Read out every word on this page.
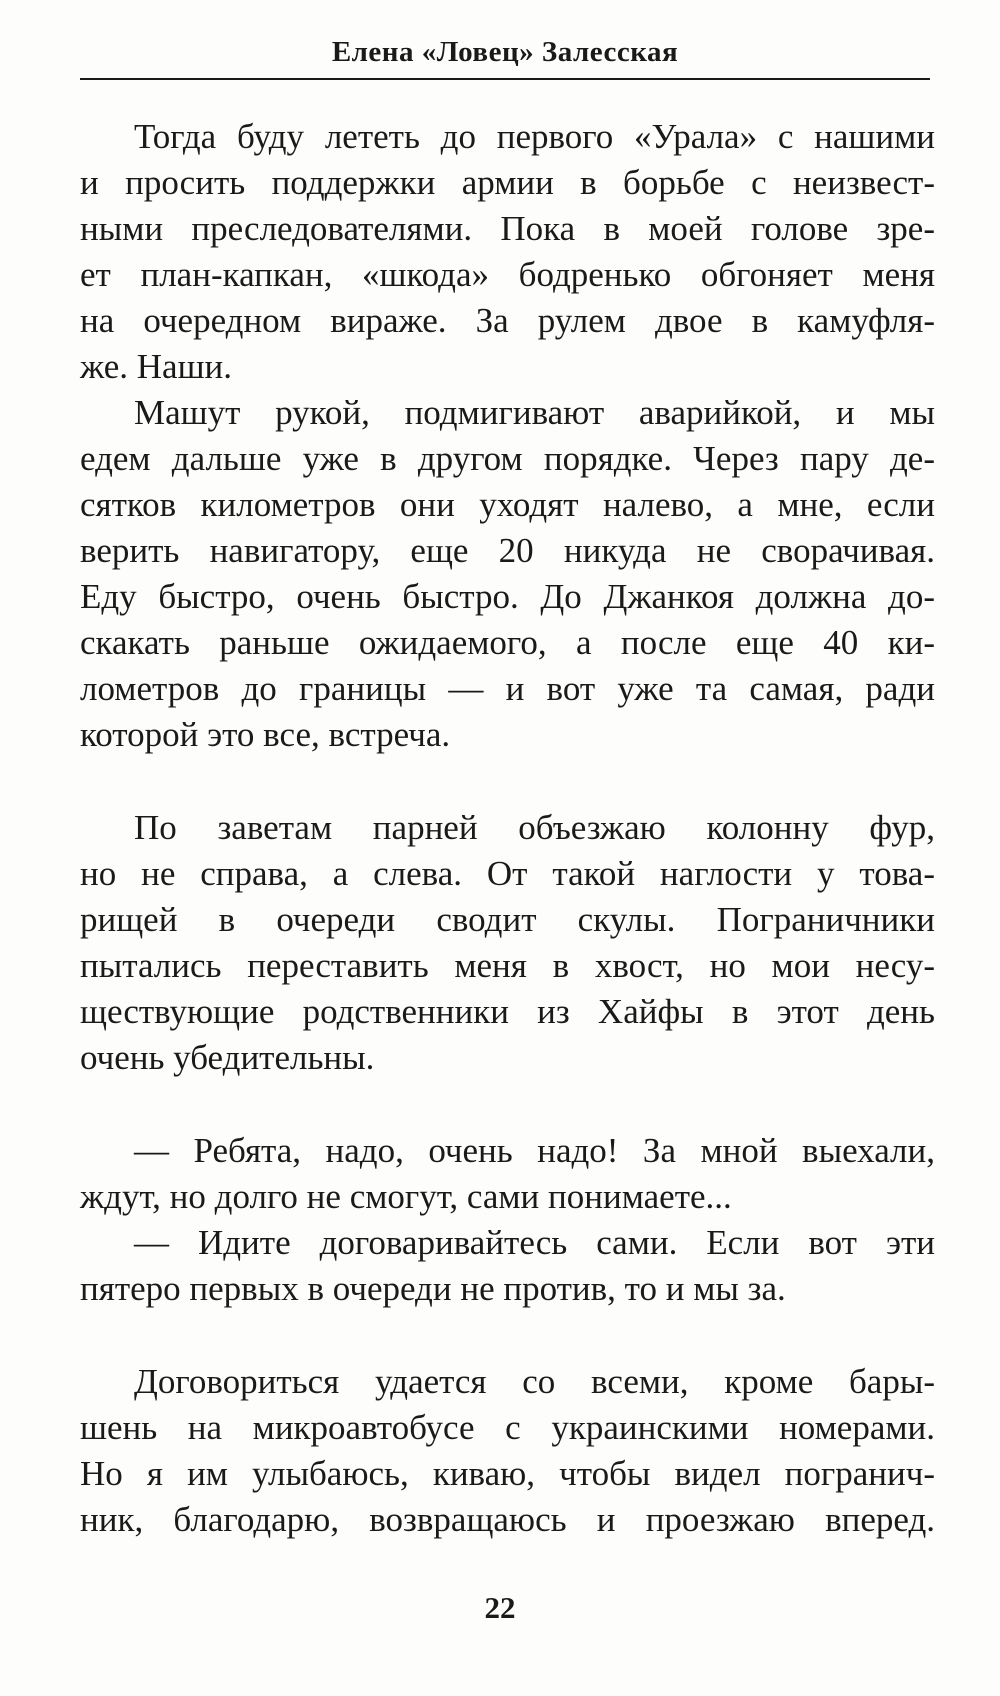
Елена «Ловец» Залесская
Тогда буду лететь до первого «Урала» с нашими
и просить поддержки армии в борьбе с неизвест-
ными преследователями. Пока в моей голове зре-
ет план-капкан, «шкода» бодренько обгоняет меня
на очередном вираже. За рулем двое в камуфля-
же. Наши.
Машут рукой, подмигивают аварийкой, и мы
едем дальше уже в другом порядке. Через пару де-
сятков километров они уходят налево, а мне, если
верить навигатору, еще 20 никуда не сворачивая.
Еду быстро, очень быстро. До Джанкоя должна до-
скакать раньше ожидаемого, а после еще 40 ки-
лометров до границы — и вот уже та самая, ради
которой это все, встреча.
По заветам парней объезжаю колонну фур,
но не справа, а слева. От такой наглости у това-
рищей в очереди сводит скулы. Пограничники
пытались переставить меня в хвост, но мои несу-
ществующие родственники из Хайфы в этот день
очень убедительны.
— Ребята, надо, очень надо! За мной выехали,
ждут, но долго не смогут, сами понимаете...
— Идите договаривайтесь сами. Если вот эти
пятеро первых в очереди не против, то и мы за.
Договориться удается со всеми, кроме бары-
шень на микроавтобусе с украинскими номерами.
Но я им улыбаюсь, киваю, чтобы видел погранич-
ник, благодарю, возвращаюсь и проезжаю вперед.
22
